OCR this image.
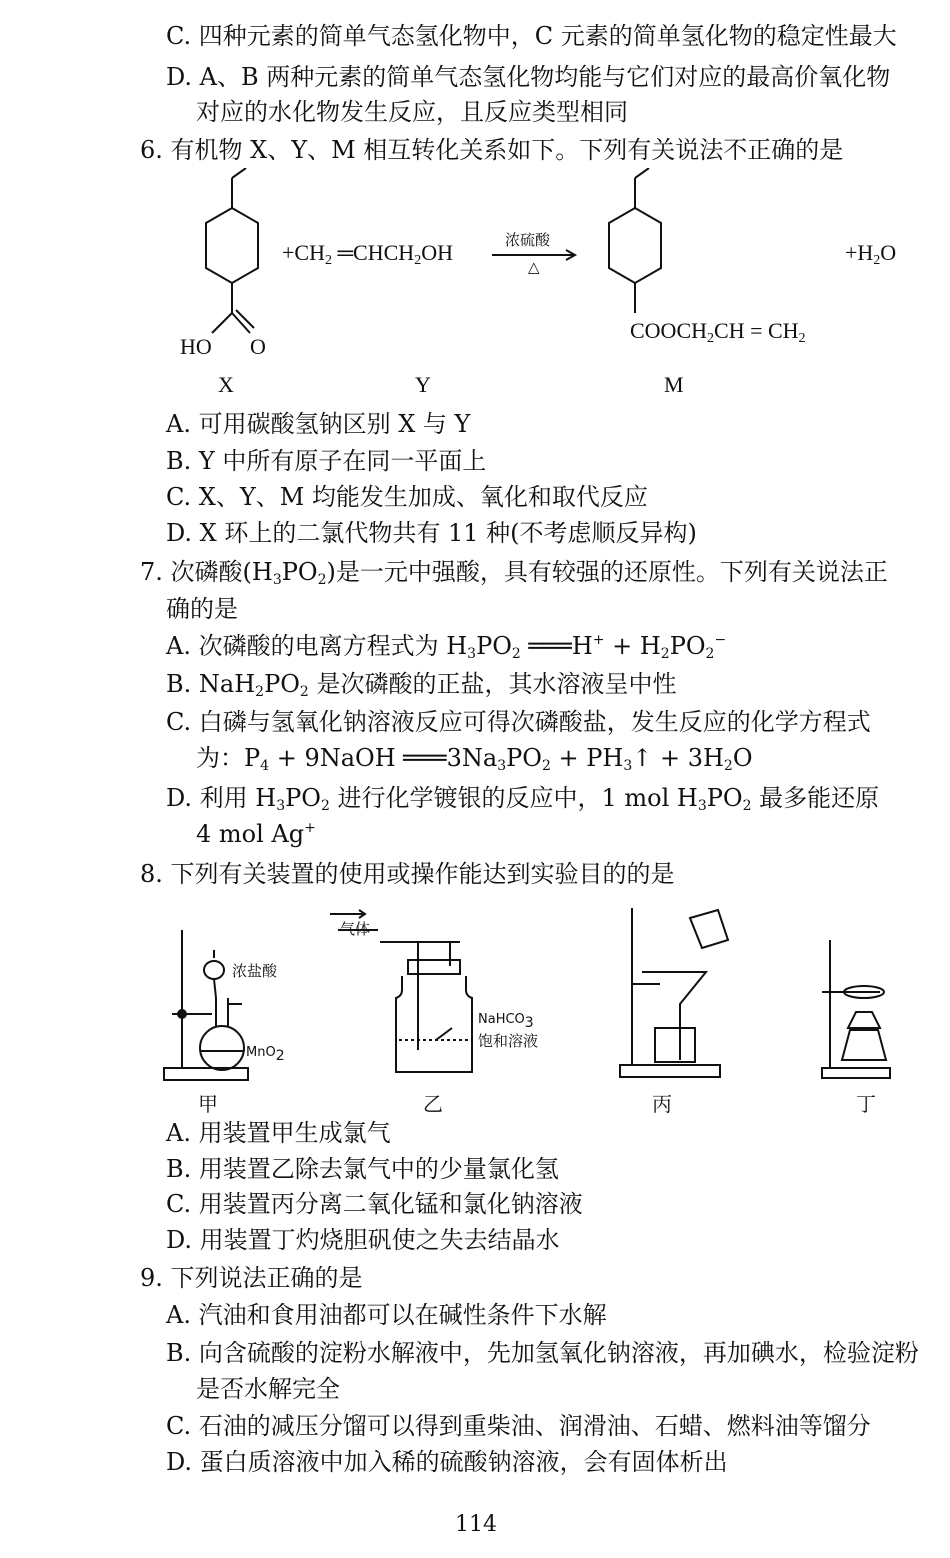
C. 四种元素的简单气态氢化物中，C 元素的简单氢化物的稳定性最大
D. A、B 两种元素的简单气态氢化物均能与它们对应的最高价氧化物
对应的水化物发生反应，且反应类型相同
6. 有机物 X、Y、M 相互转化关系如下。下列有关说法不正确的是
$+CH_2$ $═CHCH_2OH$	浓硫酸
△
$+H_2O$
HO O
$COOCH_2CH = CH_2$
X	Y	M
A. 可用碳酸氢钠区别 X 与 Y
B. Y 中所有原子在同一平面上
C. X、Y、M 均能发生加成、氧化和取代反应
D. X 环上的二氯代物共有 11 种(不考虑顺反异构)
7. 次磷酸$(H_3PO_2)$是一元中强酸，具有较强的还原性。下列有关说法正
确的是
A. 次磷酸的电离方程式为 $H_3PO_2$ ═══H+ + $H_2PO_2^-$
B. $NaH_2PO_2$ 是次磷酸的正盐，其水溶液呈中性
C. 白磷与氢氧化钠溶液反应可得次磷酸盐，发生反应的化学方程式
为：$P_4$ + 9NaOH $═══3Na_3PO_2$ + $PH_3↑ + 3H_2O$
D. 利用 $H_3PO_2$ 进行化学镀银的反应中，1 mol $H_3PO_2$ 最多能还原
4 mol Ag+
8. 下列有关装置的使用或操作能达到实验目的的是
浓盐酸
MnO$_2$
气体
NaHCO$_3$
饱和溶液
甲	乙	丙	丁
A. 用装置甲生成氯气
B. 用装置乙除去氯气中的少量氯化氢
C. 用装置丙分离二氧化锰和氯化钠溶液
D. 用装置丁灼烧胆矾使之失去结晶水
9. 下列说法正确的是
A. 汽油和食用油都可以在碱性条件下水解
B. 向含硫酸的淀粉水解液中，先加氢氧化钠溶液，再加碘水，检验淀粉
是否水解完全
C. 石油的减压分馏可以得到重柴油、润滑油、石蜡、燃料油等馏分
D. 蛋白质溶液中加入稀的硫酸钠溶液，会有固体析出
114
